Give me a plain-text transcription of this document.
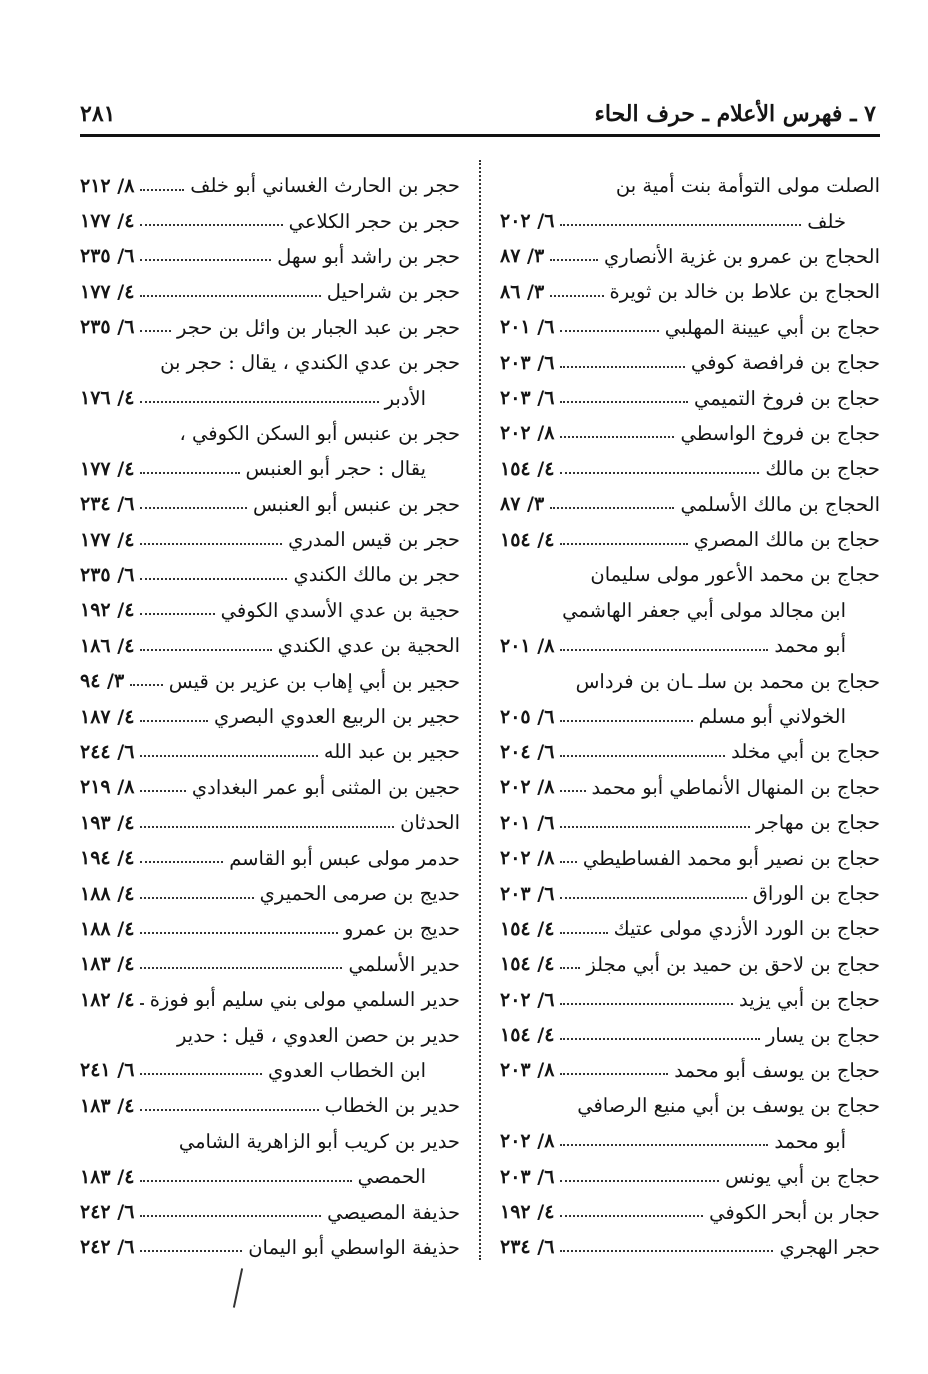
٧ ـ فهرس الأعلام ـ حرف الحاء
٢٨١
الصلت مولى التوأمة بنت أمية بن
خلف
٦/ ٢٠٢
الحجاج بن عمرو بن غزية الأنصاري
٣/ ٨٧
الحجاج بن علاط بن خالد بن ثويرة
٣/ ٨٦
حجاج بن أبي عيينة المهلبي
٦/ ٢٠١
حجاج بن فرافصة كوفي
٦/ ٢٠٣
حجاج بن فروخ التميمي
٦/ ٢٠٣
حجاج بن فروخ الواسطي
٨/ ٢٠٢
حجاج بن مالك
٤/ ١٥٤
الحجاج بن مالك الأسلمي
٣/ ٨٧
حجاج بن مالك المصري
٤/ ١٥٤
حجاج بن محمد الأعور مولى سليمان
ابن مجالد مولى أبي جعفر الهاشمي
أبو محمد
٨/ ٢٠١
حجاج بن محمد بن سلـ ـان بن فرداس
الخولاني أبو مسلم
٦/ ٢٠٥
حجاج بن أبي مخلد
٦/ ٢٠٤
حجاج بن المنهال الأنماطي أبو محمد
٨/ ٢٠٢
حجاج بن مهاجر
٦/ ٢٠١
حجاج بن نصير أبو محمد الفساطيطي
٨/ ٢٠٢
حجاج بن الوراق
٦/ ٢٠٣
حجاج بن الورد الأزدي مولى عتيك
٤/ ١٥٤
حجاج بن لاحق بن حميد بن أبي مجلز
٤/ ١٥٤
حجاج بن أبي يزيد
٦/ ٢٠٢
حجاج بن يسار
٤/ ١٥٤
حجاج بن يوسف أبو محمد
٨/ ٢٠٣
حجاج بن يوسف بن أبي منيع الرصافي
أبو محمد
٨/ ٢٠٢
حجاج بن أبي يونس
٦/ ٢٠٣
حجار بن أبحر الكوفي
٤/ ١٩٢
حجر الهجري
٦/ ٢٣٤
حجر بن الحارث الغساني أبو خلف
٨/ ٢١٢
حجر بن حجر الكلاعي
٤/ ١٧٧
حجر بن راشد أبو سهل
٦/ ٢٣٥
حجر بن شراحيل
٤/ ١٧٧
حجر بن عبد الجبار بن وائل بن حجر
٦/ ٢٣٥
حجر بن عدي الكندي ، يقال : حجر بن
الأدبر
٤/ ١٧٦
حجر بن عنبس أبو السكن الكوفي ،
يقال : حجر أبو العنبس
٤/ ١٧٧
حجر بن عنبس أبو العنبس
٦/ ٢٣٤
حجر بن قيس المدري
٤/ ١٧٧
حجر بن مالك الكندي
٦/ ٢٣٥
حجية بن عدي الأسدي الكوفي
٤/ ١٩٢
الحجية بن عدي الكندي
٤/ ١٨٦
حجير بن أبي إهاب بن عزير بن قيس
٣/ ٩٤
حجير بن الربيع العدوي البصري
٤/ ١٨٧
حجير بن عبد الله
٦/ ٢٤٤
حجين بن المثنى أبو عمر البغدادي
٨/ ٢١٩
الحدثان
٤/ ١٩٣
حدمر مولى عبس أبو القاسم
٤/ ١٩٤
حديج بن صرمى الحميري
٤/ ١٨٨
حديج بن عمرو
٤/ ١٨٨
حدير الأسلمي
٤/ ١٨٣
حدير السلمي مولى بني سليم أبو فوزة
٤/ ١٨٢
حدير بن حصن العدوي ، قيل : حدير
ابن الخطاب العدوي
٦/ ٢٤١
حدير بن الخطاب
٤/ ١٨٣
حدير بن كريب أبو الزاهرية الشامي
الحمصي
٤/ ١٨٣
حذيفة المصيصي
٦/ ٢٤٢
حذيفة الواسطي أبو اليمان
٦/ ٢٤٢
